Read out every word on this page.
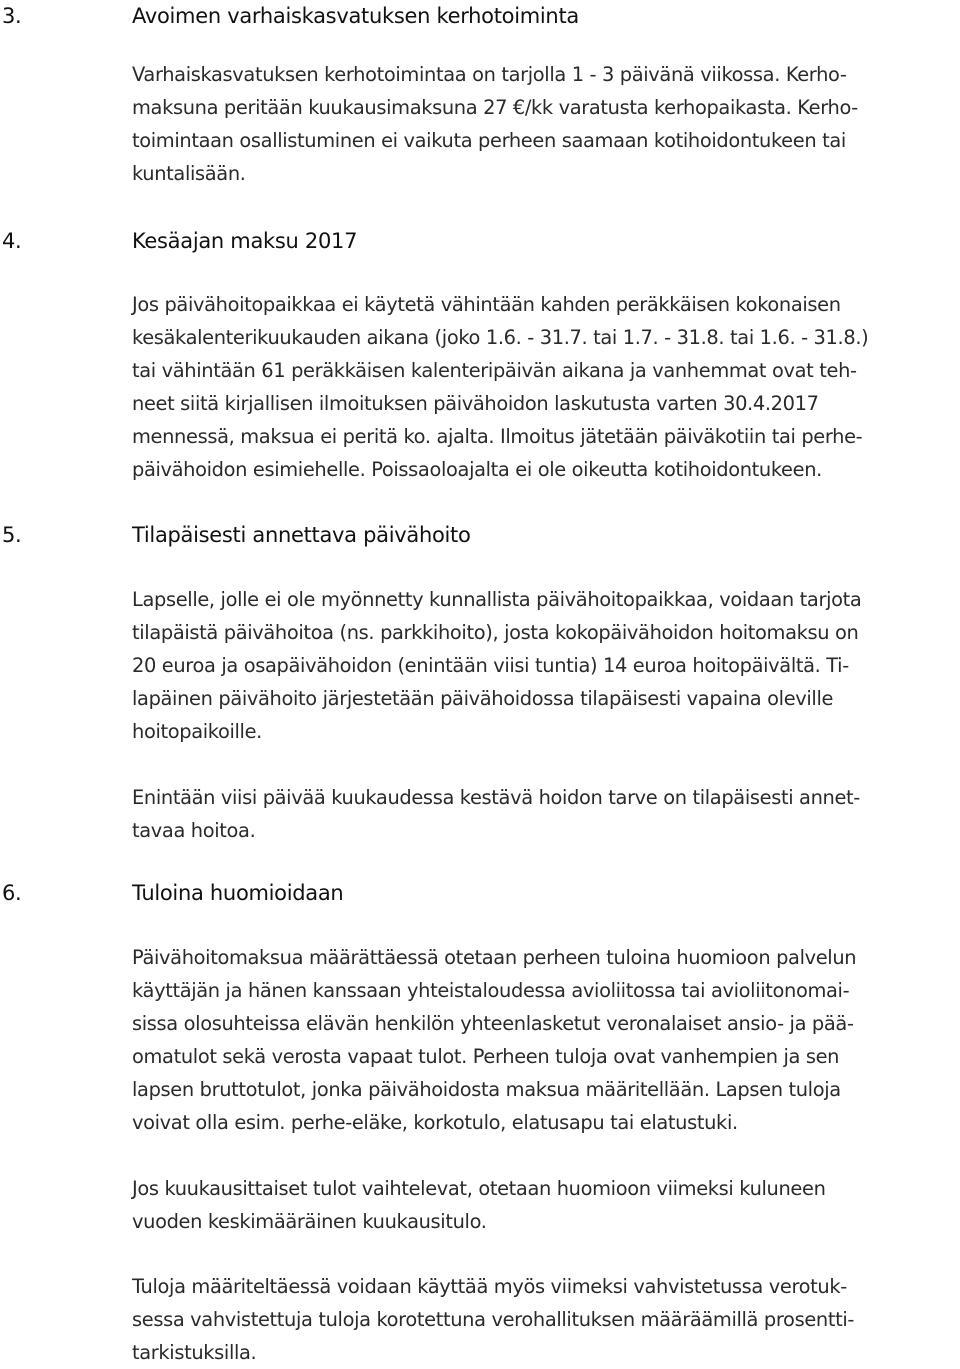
3.	Avoimen varhaiskasvatuksen kerhotoiminta
Varhaiskasvatuksen kerhotoimintaa on tarjolla 1 - 3 päivänä viikossa. Kerho-
maksuna peritään kuukausimaksuna 27 €/kk varatusta kerhopaikasta. Kerho-
toimintaan osallistuminen ei vaikuta perheen saamaan kotihoidontukeen tai
kuntalisään.
4.	Kesäajan maksu 2017
Jos päivähoitopaikkaa ei käytetä vähintään kahden peräkkäisen kokonaisen
kesäkalenterikuukauden aikana (joko 1.6. - 31.7. tai 1.7. - 31.8. tai 1.6. - 31.8.)
tai vähintään 61 peräkkäisen kalenteripäivän aikana ja vanhemmat ovat teh-
neet siitä kirjallisen ilmoituksen päivähoidon laskutusta varten 30.4.2017
mennessä, maksua ei peritä ko. ajalta. Ilmoitus jätetään päiväkotiin tai perhe-
päivähoidon esimiehelle. Poissaoloajalta ei ole oikeutta kotihoidontukeen.
5.	Tilapäisesti annettava päivähoito
Lapselle, jolle ei ole myönnetty kunnallista päivähoitopaikkaa, voidaan tarjota
tilapäistä päivähoitoa (ns. parkkihoito), josta kokopäivähoidon hoitomaksu on
20 euroa ja osapäivähoidon (enintään viisi tuntia) 14 euroa hoitopäivältä. Ti-
lapäinen päivähoito järjestetään päivähoidossa tilapäisesti vapaina oleville
hoitopaikoille.
Enintään viisi päivää kuukaudessa kestävä hoidon tarve on tilapäisesti annet-
tavaa hoitoa.
6.	Tuloina huomioidaan
Päivähoitomaksua määrättäessä otetaan perheen tuloina huomioon palvelun
käyttäjän ja hänen kanssaan yhteistaloudessa avioliitossa tai avioliitonomai-
sissa olosuhteissa elävän henkilön yhteenlasketut veronalaiset ansio- ja pää-
omatulot sekä verosta vapaat tulot. Perheen tuloja ovat vanhempien ja sen
lapsen bruttotulot, jonka päivähoidosta maksua määritellään. Lapsen tuloja
voivat olla esim. perhe-eläke, korkotulo, elatusapu tai elatustuki.
Jos kuukausittaiset tulot vaihtelevat, otetaan huomioon viimeksi kuluneen
vuoden keskimääräinen kuukausitulo.
Tuloja määriteltäessä voidaan käyttää myös viimeksi vahvistetussa verotuk-
sessa vahvistettuja tuloja korotettuna verohallituksen määräämillä prosentti-
tarkistuksilla.
